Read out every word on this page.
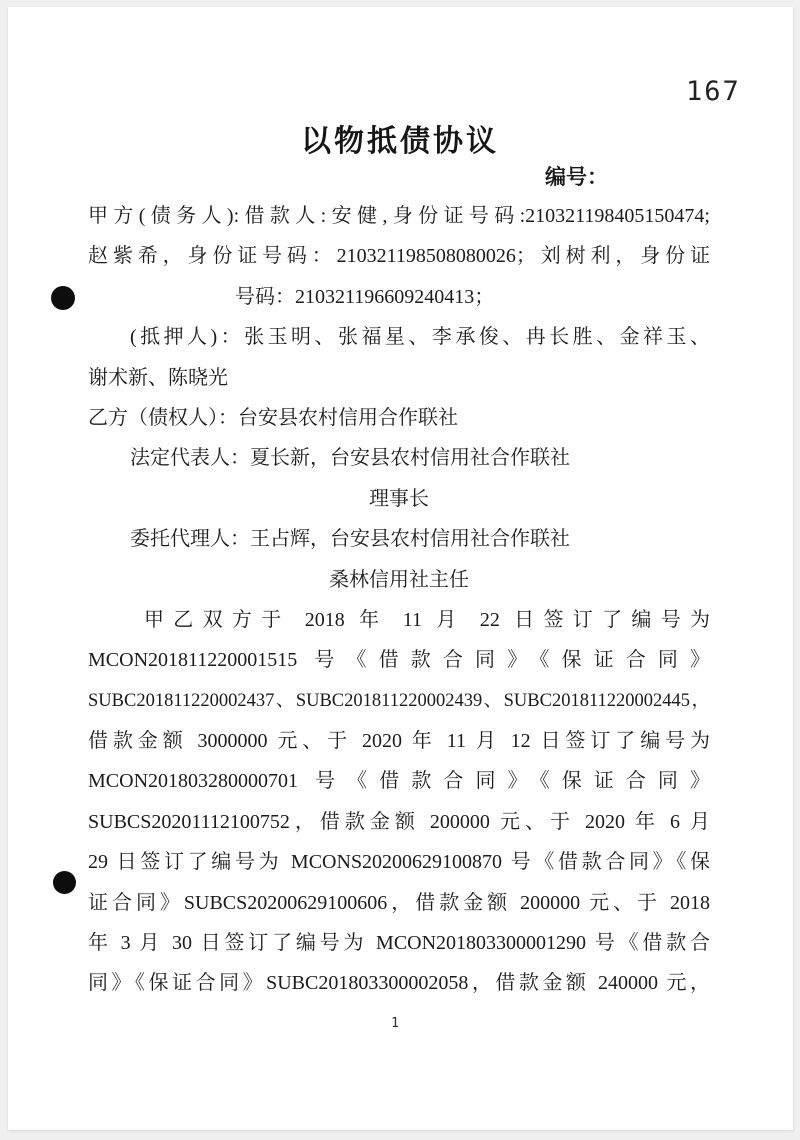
167
以物抵债协议
编号：
甲方(债务人):借款人:安健,身份证号码:210321198405150474;
赵紫希，身份证号码：210321198508080026；刘树利，身份证
号码：210321196609240413；
(抵押人)：张玉明、张福星、李承俊、冉长胜、金祥玉、
谢术新、陈晓光
乙方（债权人）：台安县农村信用合作联社
法定代表人：夏长新，台安县农村信用社合作联社
理事长
委托代理人：王占辉，台安县农村信用社合作联社
桑林信用社主任
甲乙双方于 2018 年 11 月 22 日签订了编号为
MCON201811220001515 号《借款合同》《保证合同》
SUBC201811220002437、SUBC201811220002439、SUBC201811220002445，
借款金额 3000000 元、于 2020 年 11 月 12 日签订了编号为
MCON201803280000701 号《借款合同》《保证合同》
SUBCS20201112100752，借款金额 200000 元、于 2020 年 6 月
29 日签订了编号为 MCONS20200629100870 号《借款合同》《保
证合同》SUBCS20200629100606，借款金额 200000 元、于 2018
年 3 月 30 日签订了编号为 MCON201803300001290 号《借款合
同》《保证合同》SUBC201803300002058，借款金额 240000 元，
1
